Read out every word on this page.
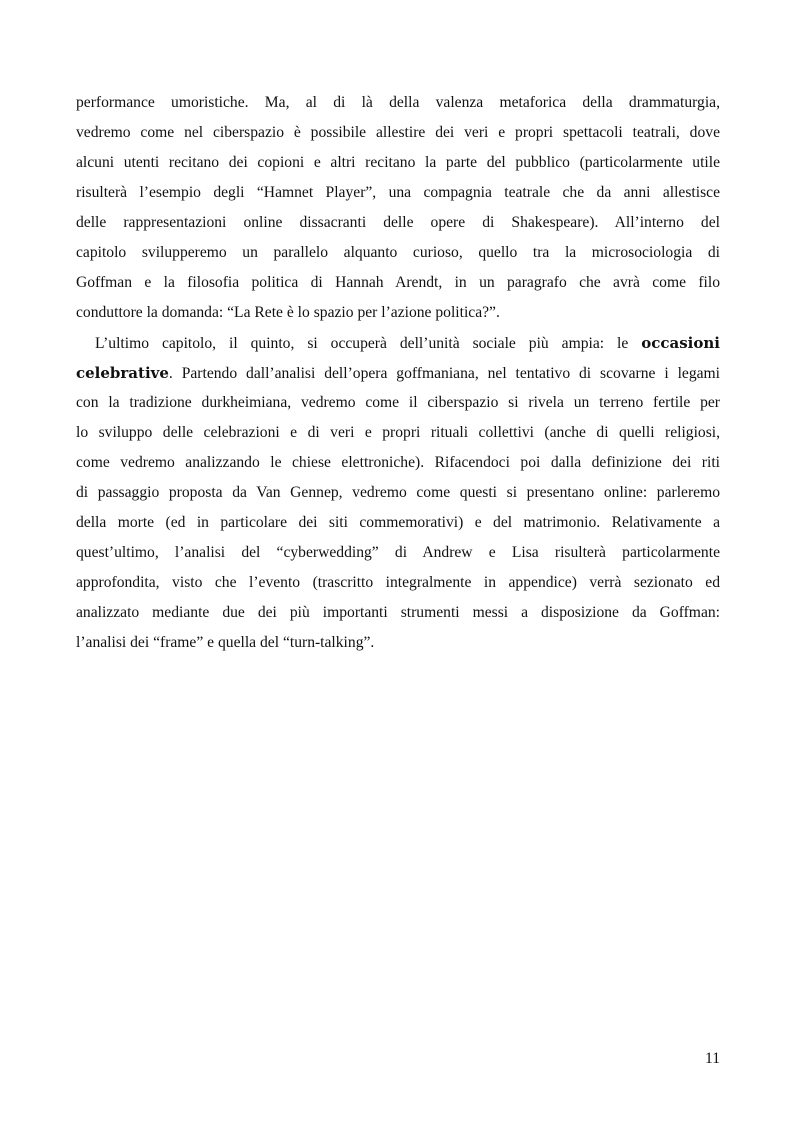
performance umoristiche. Ma, al di là della valenza metaforica della drammaturgia,
vedremo come nel ciberspazio è possibile allestire dei veri e propri spettacoli teatrali, dove
alcuni utenti recitano dei copioni e altri recitano la parte del pubblico (particolarmente utile
risulterà l’esempio degli “Hamnet Player”, una compagnia teatrale che da anni allestisce
delle rappresentazioni online dissacranti delle opere di Shakespeare). All’interno del
capitolo svilupperemo un parallelo alquanto curioso, quello tra la microsociologia di
Goffman e la filosofia politica di Hannah Arendt, in un paragrafo che avrà come filo
conduttore la domanda: “La Rete è lo spazio per l’azione politica?”.
L’ultimo capitolo, il quinto, si occuperà dell’unità sociale più ampia: le occasioni
celebrative. Partendo dall’analisi dell’opera goffmaniana, nel tentativo di scovarne i legami
con la tradizione durkheimiana, vedremo come il ciberspazio si rivela un terreno fertile per
lo sviluppo delle celebrazioni e di veri e propri rituali collettivi (anche di quelli religiosi,
come vedremo analizzando le chiese elettroniche). Rifacendoci poi dalla definizione dei riti
di passaggio proposta da Van Gennep, vedremo come questi si presentano online: parleremo
della morte (ed in particolare dei siti commemorativi) e del matrimonio. Relativamente a
quest’ultimo, l’analisi del “cyberwedding” di Andrew e Lisa risulterà particolarmente
approfondita, visto che l’evento (trascritto integralmente in appendice) verrà sezionato ed
analizzato mediante due dei più importanti strumenti messi a disposizione da Goffman:
l’analisi dei “frame” e quella del “turn-talking”.
11
